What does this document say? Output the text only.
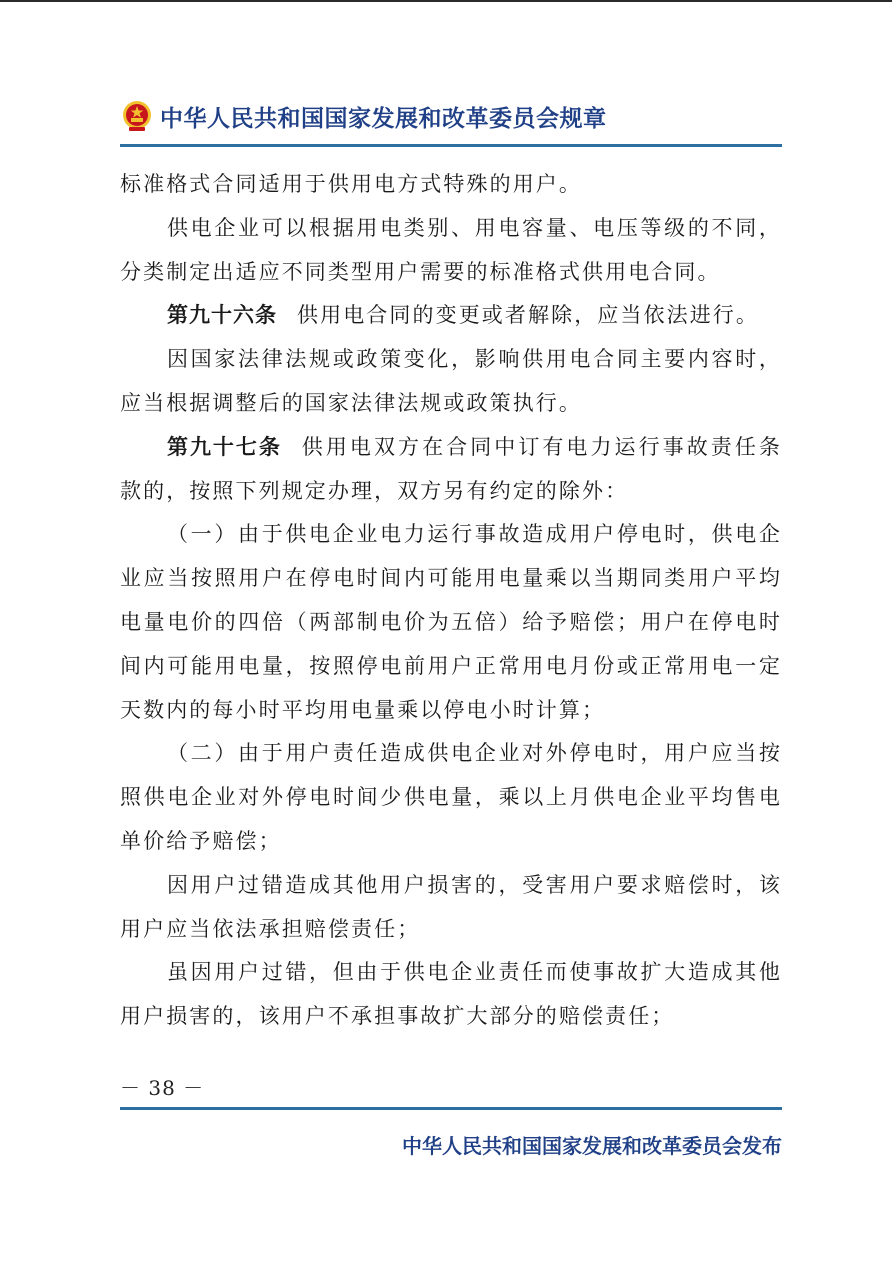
中华人民共和国国家发展和改革委员会规章

标准格式合同适用于供用电方式特殊的用户。

供电企业可以根据用电类别、用电容量、电压等级的不同，分类制定出适应不同类型用户需要的标准格式供用电合同。

第九十六条 供用电合同的变更或者解除，应当依法进行。

因国家法律法规或政策变化，影响供用电合同主要内容时，应当根据调整后的国家法律法规或政策执行。

第九十七条 供用电双方在合同中订有电力运行事故责任条款的，按照下列规定办理，双方另有约定的除外：

（一）由于供电企业电力运行事故造成用户停电时，供电企业应当按照用户在停电时间内可能用电量乘以当期同类用户平均电量电价的四倍（两部制电价为五倍）给予赔偿；用户在停电时间内可能用电量，按照停电前用户正常用电月份或正常用电一定天数内的每小时平均用电量乘以停电小时计算；

（二）由于用户责任造成供电企业对外停电时，用户应当按照供电企业对外停电时间少供电量，乘以上月供电企业平均售电单价给予赔偿；

因用户过错造成其他用户损害的，受害用户要求赔偿时，该用户应当依法承担赔偿责任；

虽因用户过错，但由于供电企业责任而使事故扩大造成其他用户损害的，该用户不承担事故扩大部分的赔偿责任；

－ 38 －
中华人民共和国国家发展和改革委员会发布
